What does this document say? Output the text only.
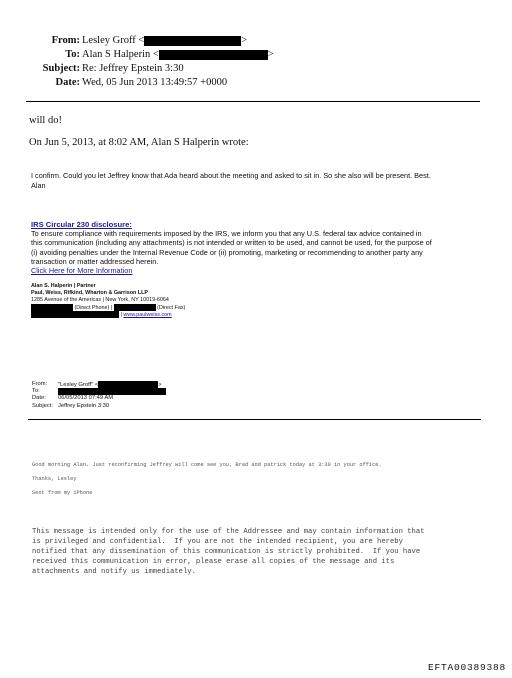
From: Lesley Groff <	>
To: Alan S Halperin <	>
Subject: Re: Jeffrey Epstein 3:30
Date: Wed, 05 Jun 2013 13:49:57 +0000
will do!
On Jun 5, 2013, at 8:02 AM, Alan S Halperin wrote:
I confirm. Could you let Jeffrey know that Ada heard about the meeting and asked to sit in. So she also will be present. Best.
Alan
IRS Circular 230 disclosure:
To ensure compliance with requirements imposed by the IRS, we inform you that any U.S. federal tax advice contained in
this communication (including any attachments) is not intended or written to be used, and cannot be used, for the purpose of
(i) avoiding penalties under the Internal Revenue Code or (ii) promoting, marketing or recommending to another party any
transaction or matter addressed herein.
Click Here for More Information
Alan S. Halperin | Partner
Paul, Weiss, Rifkind, Wharton & Garrison LLP
1285 Avenue of the Americas | New York, NY 10019-6064
(Direct Phone) |	(Direct Fax)
| www.paulweiss.com
From: "Lesley Groff" <	>
To:
Date: 06/05/2013 07:49 AM
Subject: Jeffrey Epstein 3:30
Good morning Alan. Just reconfirming Jeffrey will come see you, Brad and patrick today at 3:30 in your office.
Thanks, Lesley
Sent from my iPhone
This message is intended only for the use of the Addressee and may contain information that
is privileged and confidential.  If you are not the intended recipient, you are hereby
notified that any dissemination of this communication is strictly prohibited.  If you have
received this communication in error, please erase all copies of the message and its
attachments and notify us immediately.
EFTA00389388
